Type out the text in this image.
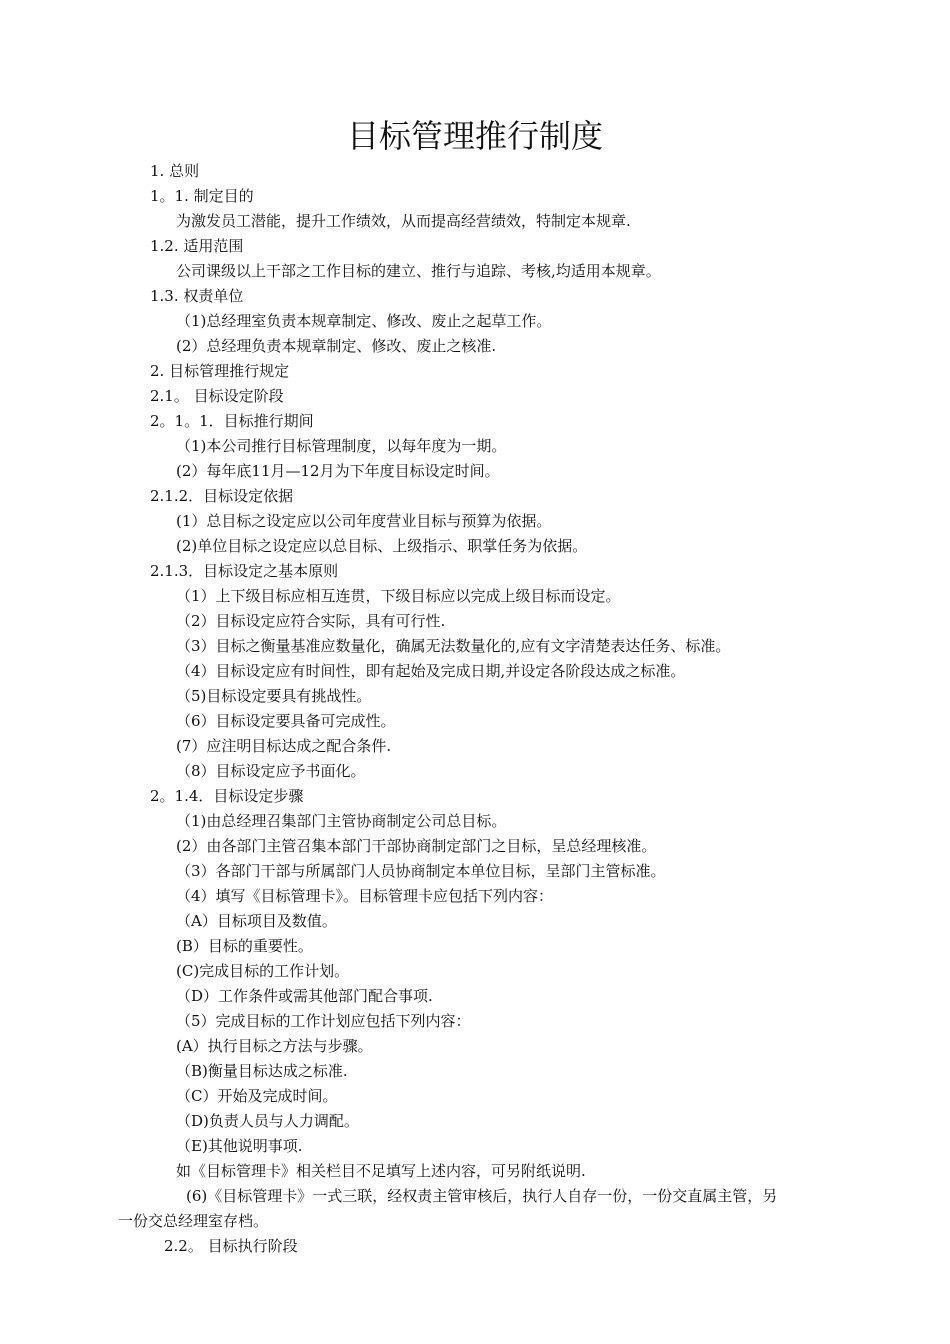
目标管理推行制度
1. 总则
1。1. 制定目的
为激发员工潜能，提升工作绩效，从而提高经营绩效，特制定本规章.
1.2. 适用范围
公司课级以上干部之工作目标的建立、推行与追踪、考核,均适用本规章。
1.3. 权责单位
（1)总经理室负责本规章制定、修改、废止之起草工作。
(2）总经理负责本规章制定、修改、废止之核准.
2. 目标管理推行规定
2.1。 目标设定阶段
2。1。1．目标推行期间
（1)本公司推行目标管理制度，以每年度为一期。
(2）每年底11月—12月为下年度目标设定时间。
2.1.2．目标设定依据
(1）总目标之设定应以公司年度营业目标与预算为依据。
(2)单位目标之设定应以总目标、上级指示、职掌任务为依据。
2.1.3．目标设定之基本原则
（1）上下级目标应相互连贯，下级目标应以完成上级目标而设定。
（2）目标设定应符合实际，具有可行性.
（3）目标之衡量基准应数量化，确属无法数量化的,应有文字清楚表达任务、标准。
（4）目标设定应有时间性，即有起始及完成日期,并设定各阶段达成之标准。
（5)目标设定要具有挑战性。
（6）目标设定要具备可完成性。
(7）应注明目标达成之配合条件.
（8）目标设定应予书面化。
2。1.4．目标设定步骤
（1)由总经理召集部门主管协商制定公司总目标。
(2）由各部门主管召集本部门干部协商制定部门之目标，呈总经理核准。
（3）各部门干部与所属部门人员协商制定本单位目标，呈部门主管标准。
（4）填写《目标管理卡》。目标管理卡应包括下列内容：
（A）目标项目及数值。
(B）目标的重要性。
(C)完成目标的工作计划。
（D）工作条件或需其他部门配合事项.
（5）完成目标的工作计划应包括下列内容：
(A）执行目标之方法与步骤。
（B)衡量目标达成之标准.
（C）开始及完成时间。
（D)负责人员与人力调配。
（E)其他说明事项.
如《目标管理卡》相关栏目不足填写上述内容，可另附纸说明.
(6)《目标管理卡》一式三联，经权责主管审核后，执行人自存一份，一份交直属主管，另
一份交总经理室存档。
2.2。 目标执行阶段
